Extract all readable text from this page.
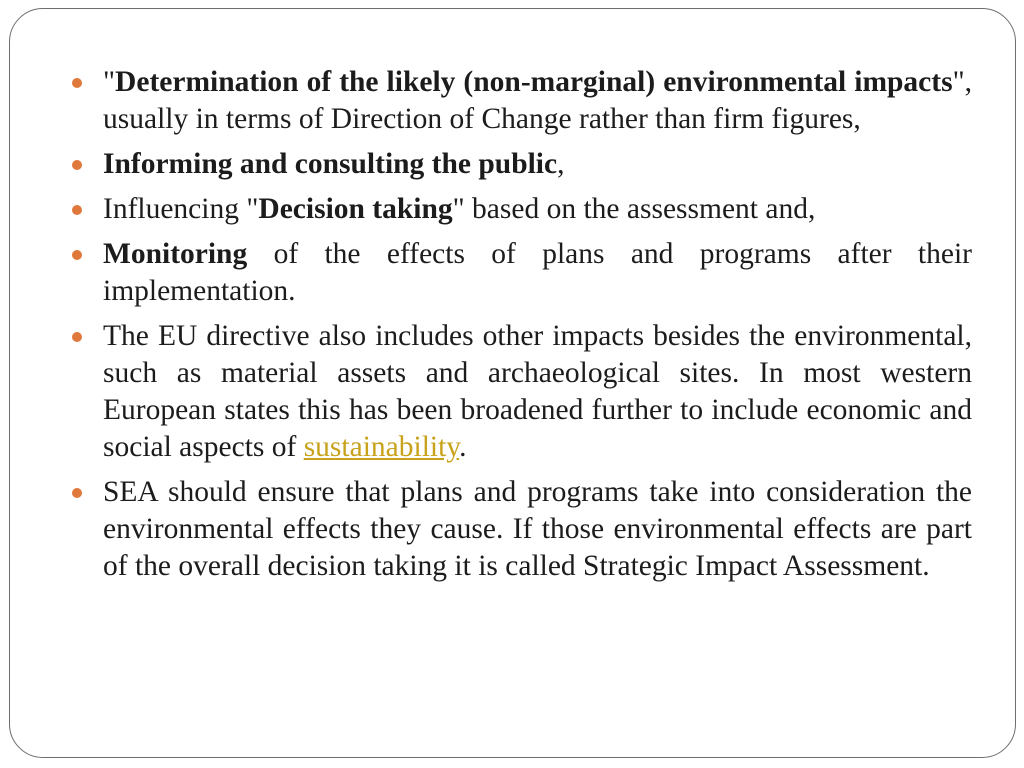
"Determination of the likely (non-marginal) environmental impacts", usually in terms of Direction of Change rather than firm figures,
Informing and consulting the public,
Influencing "Decision taking" based on the assessment and,
Monitoring of the effects of plans and programs after their implementation.
The EU directive also includes other impacts besides the environmental, such as material assets and archaeological sites. In most western European states this has been broadened further to include economic and social aspects of sustainability.
SEA should ensure that plans and programs take into consideration the environmental effects they cause. If those environmental effects are part of the overall decision taking it is called Strategic Impact Assessment.
